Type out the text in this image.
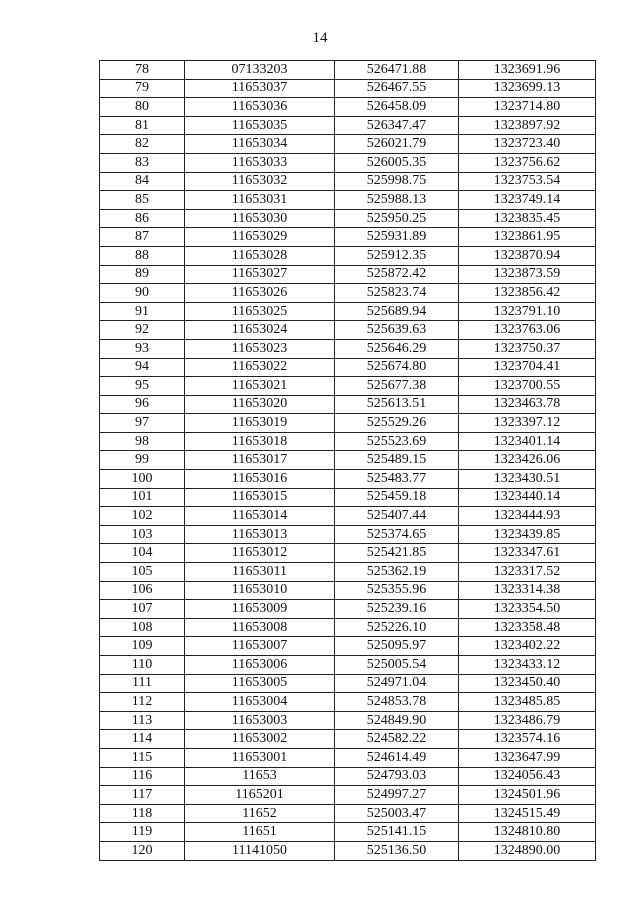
14
78	07133203	526471.88	1323691.96
79	11653037	526467.55	1323699.13
80	11653036	526458.09	1323714.80
81	11653035	526347.47	1323897.92
82	11653034	526021.79	1323723.40
83	11653033	526005.35	1323756.62
84	11653032	525998.75	1323753.54
85	11653031	525988.13	1323749.14
86	11653030	525950.25	1323835.45
87	11653029	525931.89	1323861.95
88	11653028	525912.35	1323870.94
89	11653027	525872.42	1323873.59
90	11653026	525823.74	1323856.42
91	11653025	525689.94	1323791.10
92	11653024	525639.63	1323763.06
93	11653023	525646.29	1323750.37
94	11653022	525674.80	1323704.41
95	11653021	525677.38	1323700.55
96	11653020	525613.51	1323463.78
97	11653019	525529.26	1323397.12
98	11653018	525523.69	1323401.14
99	11653017	525489.15	1323426.06
100	11653016	525483.77	1323430.51
101	11653015	525459.18	1323440.14
102	11653014	525407.44	1323444.93
103	11653013	525374.65	1323439.85
104	11653012	525421.85	1323347.61
105	11653011	525362.19	1323317.52
106	11653010	525355.96	1323314.38
107	11653009	525239.16	1323354.50
108	11653008	525226.10	1323358.48
109	11653007	525095.97	1323402.22
110	11653006	525005.54	1323433.12
111	11653005	524971.04	1323450.40
112	11653004	524853.78	1323485.85
113	11653003	524849.90	1323486.79
114	11653002	524582.22	1323574.16
115	11653001	524614.49	1323647.99
116	11653	524793.03	1324056.43
117	1165201	524997.27	1324501.96
118	11652	525003.47	1324515.49
119	11651	525141.15	1324810.80
120	11141050	525136.50	1324890.00
